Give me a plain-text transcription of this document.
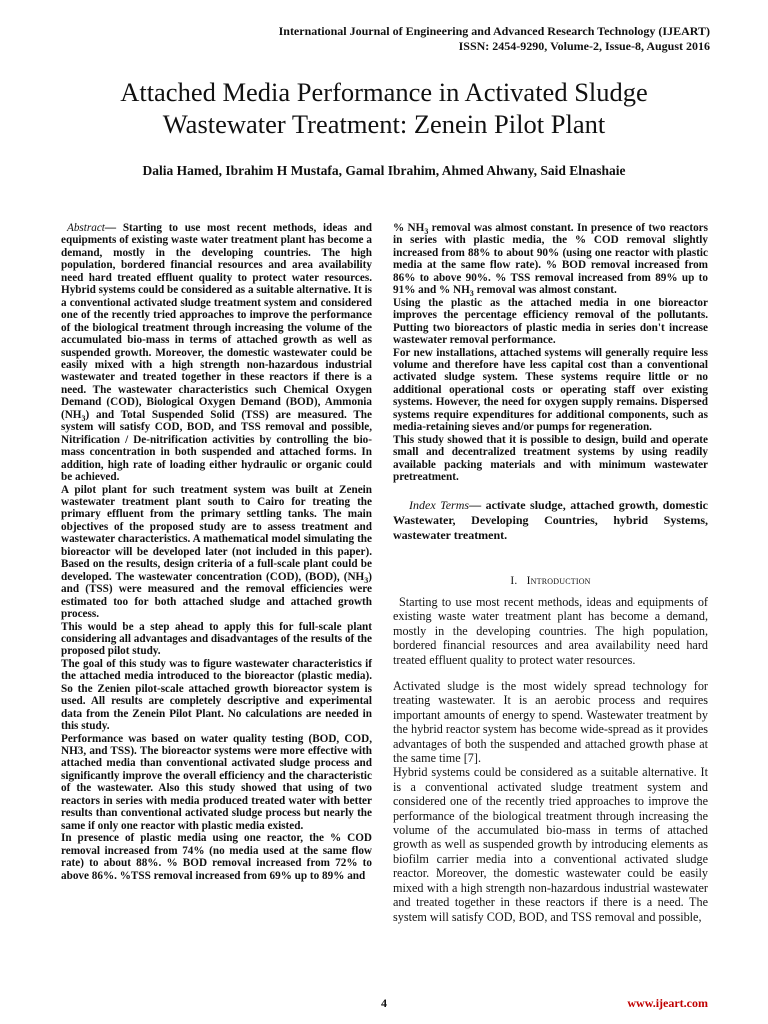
International Journal of Engineering and Advanced Research Technology (IJEART)
ISSN: 2454-9290, Volume-2, Issue-8, August 2016
Attached Media Performance in Activated Sludge
Wastewater Treatment: Zenein Pilot Plant
Dalia Hamed, Ibrahim H Mustafa, Gamal Ibrahim, Ahmed Ahwany, Said Elnashaie

Abstract— Starting to use most recent methods, ideas and equipments of existing waste water treatment plant has become a demand, mostly in the developing countries. The high population, bordered financial resources and area availability need hard treated effluent quality to protect water resources. Hybrid systems could be considered as a suitable alternative. It is a conventional activated sludge treatment system and considered one of the recently tried approaches to improve the performance of the biological treatment through increasing the volume of the accumulated bio-mass in terms of attached growth as well as suspended growth. Moreover, the domestic wastewater could be easily mixed with a high strength non-hazardous industrial wastewater and treated together in these reactors if there is a need. The wastewater characteristics such Chemical Oxygen Demand (COD), Biological Oxygen Demand (BOD), Ammonia $(NH_3)$ and Total Suspended Solid (TSS) are measured. The system will satisfy COD, BOD, and TSS removal and possible, Nitrification / De-nitrification activities by controlling the bio-mass concentration in both suspended and attached forms. In addition, high rate of loading either hydraulic or organic could be achieved.

A pilot plant for such treatment system was built at Zenein wastewater treatment plant south to Cairo for treating the primary effluent from the primary settling tanks. The main objectives of the proposed study are to assess treatment and wastewater characteristics. A mathematical model simulating the bioreactor will be developed later (not included in this paper). Based on the results, design criteria of a full-scale plant could be developed. The wastewater concentration (COD), (BOD), $(NH_3)$ and (TSS) were measured and the removal efficiencies were estimated too for both attached sludge and attached growth process.

This would be a step ahead to apply this for full-scale plant considering all advantages and disadvantages of the results of the proposed pilot study.

The goal of this study was to figure wastewater characteristics if the attached media introduced to the bioreactor (plastic media). So the Zenien pilot-scale attached growth bioreactor system is used. All results are completely descriptive and experimental data from the Zenein Pilot Plant. No calculations are needed in this study.

Performance was based on water quality testing (BOD, COD, NH3, and TSS). The bioreactor systems were more effective with attached media than conventional activated sludge process and significantly improve the overall efficiency and the characteristic of the wastewater. Also this study showed that using of two reactors in series with media produced treated water with better results than conventional activated sludge process but nearly the same if only one reactor with plastic media existed.

In presence of plastic media using one reactor, the % COD removal increased from 74% (no media used at the same flow rate) to about 88%. % BOD removal increased from 72% to above 86%. %TSS removal increased from 69% up to 89% and

% $NH_3$ removal was almost constant. In presence of two reactors in series with plastic media, the % COD removal slightly increased from 88% to about 90% (using one reactor with plastic media at the same flow rate). % BOD removal increased from 86% to above 90%. % TSS removal increased from 89% up to 91% and % $NH_3$ removal was almost constant.

Using the plastic as the attached media in one bioreactor improves the percentage efficiency removal of the pollutants. Putting two bioreactors of plastic media in series don't increase wastewater removal performance.

For new installations, attached systems will generally require less volume and therefore have less capital cost than a conventional activated sludge system. These systems require little or no additional operational costs or operating staff over existing systems. However, the need for oxygen supply remains. Dispersed systems require expenditures for additional components, such as media-retaining sieves and/or pumps for regeneration.

This study showed that it is possible to design, build and operate small and decentralized treatment systems by using readily available packing materials and with minimum wastewater pretreatment.

Index Terms— activate sludge, attached growth, domestic Wastewater, Developing Countries, hybrid Systems, wastewater treatment.

I. Introduction

Starting to use most recent methods, ideas and equipments of existing waste water treatment plant has become a demand, mostly in the developing countries. The high population, bordered financial resources and area availability need hard treated effluent quality to protect water resources.

Activated sludge is the most widely spread technology for treating wastewater. It is an aerobic process and requires important amounts of energy to spend. Wastewater treatment by the hybrid reactor system has become wide-spread as it provides advantages of both the suspended and attached growth phase at the same time [7].

Hybrid systems could be considered as a suitable alternative. It is a conventional activated sludge treatment system and considered one of the recently tried approaches to improve the performance of the biological treatment through increasing the volume of the accumulated bio-mass in terms of attached growth as well as suspended growth by introducing elements as biofilm carrier media into a conventional activated sludge reactor. Moreover, the domestic wastewater could be easily mixed with a high strength non-hazardous industrial wastewater and treated together in these reactors if there is a need. The system will satisfy COD, BOD, and TSS removal and possible,

4	www.ijeart.com
